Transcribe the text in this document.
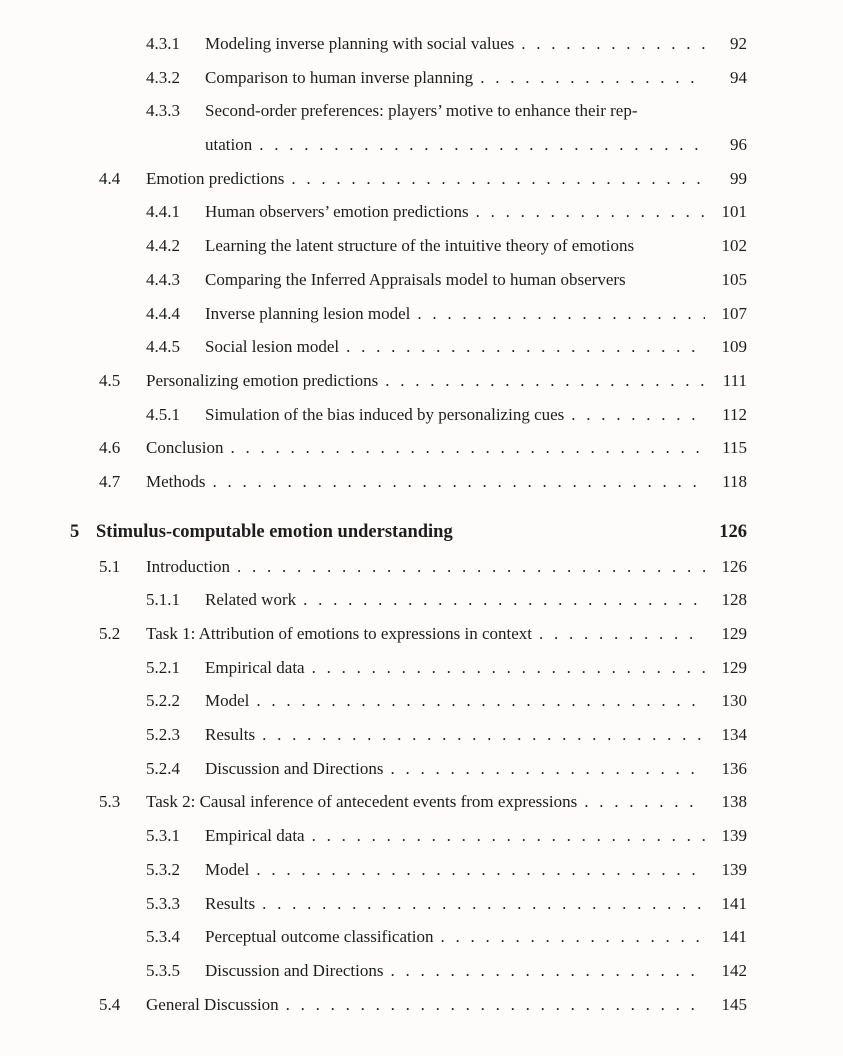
4.3.1	Modeling inverse planning with social values . . .	92
4.3.2	Comparison to human inverse planning . . .	94
4.3.3	Second-order preferences: players’ motive to enhance their rep-
utation . . .	96
4.4	Emotion predictions . . .	99
4.4.1	Human observers’ emotion predictions . . .	101
4.4.2	Learning the latent structure of the intuitive theory of emotions	102
4.4.3	Comparing the Inferred Appraisals model to human observers	105
4.4.4	Inverse planning lesion model . . .	107
4.4.5	Social lesion model . . .	109
4.5	Personalizing emotion predictions . . .	111
4.5.1	Simulation of the bias induced by personalizing cues . . .	112
4.6	Conclusion . . .	115
4.7	Methods . . .	118
5 Stimulus-computable emotion understanding	126
5.1	Introduction . . .	126
5.1.1	Related work . . .	128
5.2	Task 1: Attribution of emotions to expressions in context . . .	129
5.2.1	Empirical data . . .	129
5.2.2	Model . . .	130
5.2.3	Results . . .	134
5.2.4	Discussion and Directions . . .	136
5.3	Task 2: Causal inference of antecedent events from expressions . . .	138
5.3.1	Empirical data . . .	139
5.3.2	Model . . .	139
5.3.3	Results . . .	141
5.3.4	Perceptual outcome classification . . .	141
5.3.5	Discussion and Directions . . .	142
5.4	General Discussion . . .	145
